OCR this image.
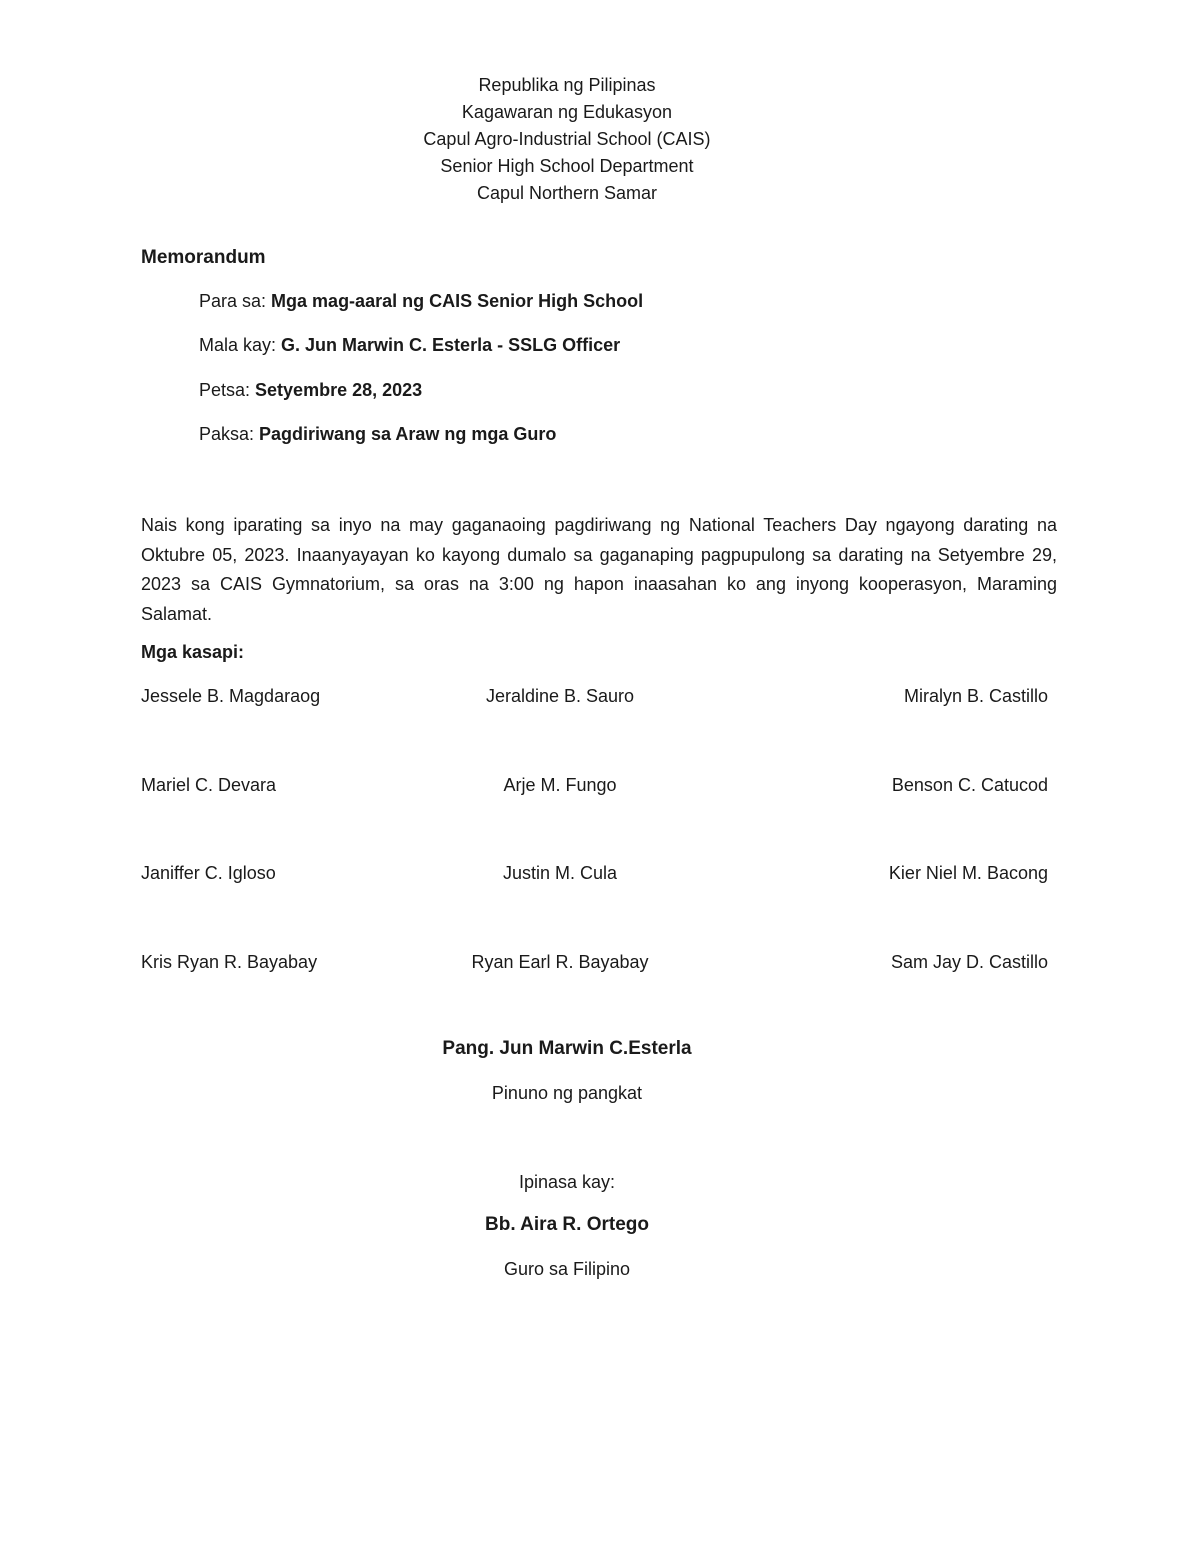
Republika ng Pilipinas
Kagawaran ng Edukasyon
Capul Agro-Industrial School (CAIS)
Senior High School Department
Capul Northern Samar
Memorandum
Para sa: Mga mag-aaral ng CAIS Senior High School
Mala kay: G. Jun Marwin C. Esterla - SSLG Officer
Petsa: Setyembre 28, 2023
Paksa: Pagdiriwang sa Araw ng mga Guro
Nais kong iparating sa inyo na may gaganaoing pagdiriwang ng National Teachers Day ngayong darating na Oktubre 05, 2023. Inaanyayayan ko kayong dumalo sa gaganaping pagpupulong sa darating na Setyembre 29, 2023 sa CAIS Gymnatorium, sa oras na 3:00 ng hapon inaasahan ko ang inyong kooperasyon, Maraming Salamat.
Mga kasapi:
Jessele B. Magdaraog	Jeraldine B. Sauro	Miralyn B. Castillo
Mariel C. Devara	Arje M. Fungo	Benson C. Catucod
Janiffer C. Igloso	Justin M. Cula	Kier Niel M. Bacong
Kris Ryan R. Bayabay	Ryan Earl R. Bayabay	Sam Jay D. Castillo
Pang. Jun Marwin C.Esterla
Pinuno ng pangkat
Ipinasa kay:
Bb. Aira R. Ortego
Guro sa Filipino
